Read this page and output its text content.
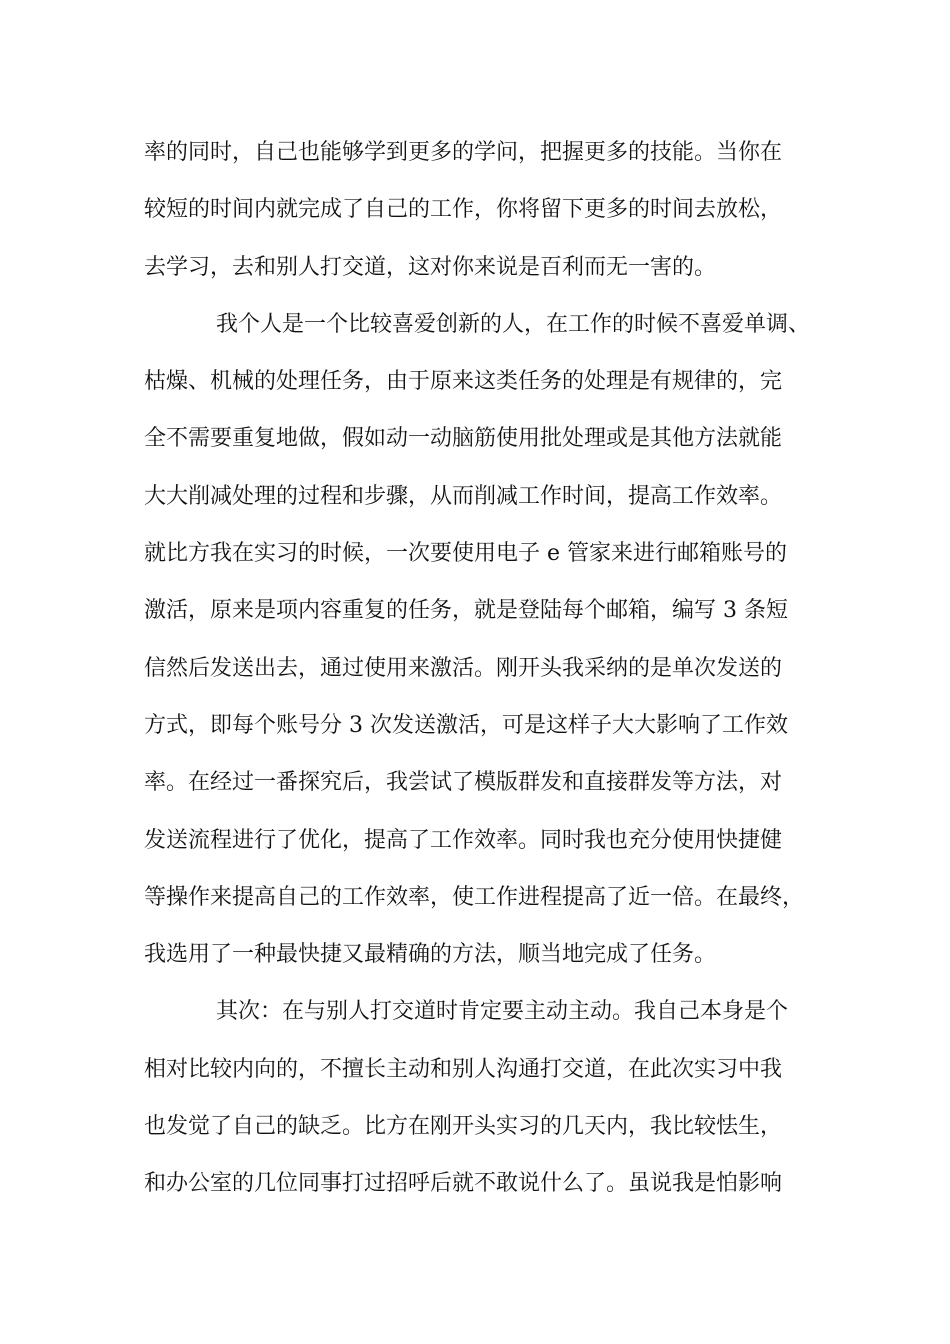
率的同时，自己也能够学到更多的学问，把握更多的技能。当你在
较短的时间内就完成了自己的工作，你将留下更多的时间去放松，
去学习，去和别人打交道，这对你来说是百利而无一害的。
我个人是一个比较喜爱创新的人，在工作的时候不喜爱单调、
枯燥、机械的处理任务，由于原来这类任务的处理是有规律的，完
全不需要重复地做，假如动一动脑筋使用批处理或是其他方法就能
大大削减处理的过程和步骤，从而削减工作时间，提高工作效率。
就比方我在实习的时候，一次要使用电子 e 管家来进行邮箱账号的
激活，原来是项内容重复的任务，就是登陆每个邮箱，编写 3 条短
信然后发送出去，通过使用来激活。刚开头我采纳的是单次发送的
方式，即每个账号分 3 次发送激活，可是这样子大大影响了工作效
率。在经过一番探究后，我尝试了模版群发和直接群发等方法，对
发送流程进行了优化，提高了工作效率。同时我也充分使用快捷健
等操作来提高自己的工作效率，使工作进程提高了近一倍。在最终，
我选用了一种最快捷又最精确的方法，顺当地完成了任务。
其次：在与别人打交道时肯定要主动主动。我自己本身是个
相对比较内向的，不擅长主动和别人沟通打交道，在此次实习中我
也发觉了自己的缺乏。比方在刚开头实习的几天内，我比较怯生，
和办公室的几位同事打过招呼后就不敢说什么了。虽说我是怕影响
